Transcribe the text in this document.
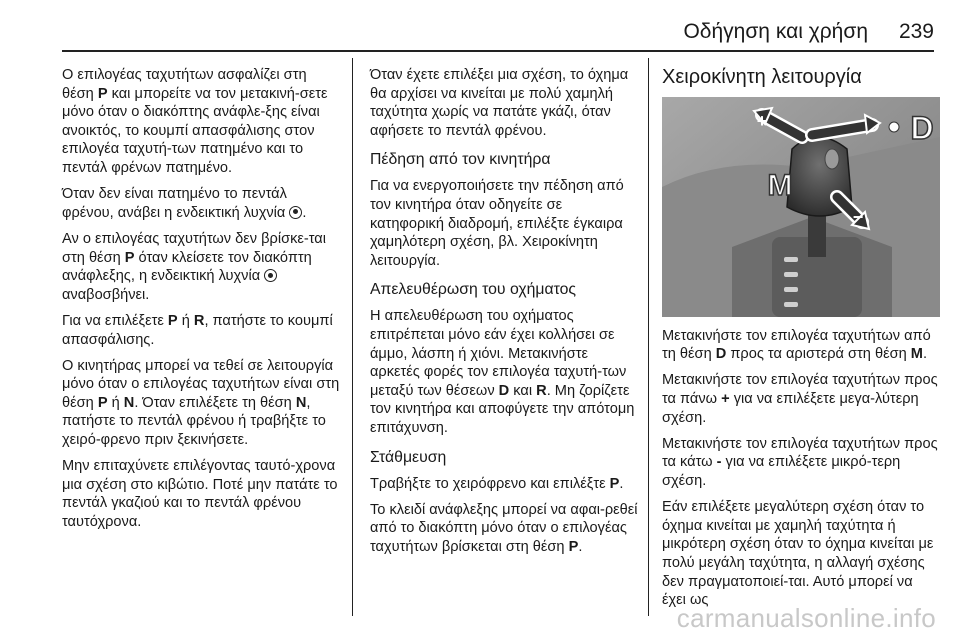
Οδήγηση και χρήση 239

Ο επιλογέας ταχυτήτων ασφαλίζει στη θέση P και μπορείτε να τον μετακινή-σετε μόνο όταν ο διακόπτης ανάφλε-ξης είναι ανοικτός, το κουμπί απασφάλισης στον επιλογέα ταχυτή-των πατημένο και το πεντάλ φρένων πατημένο.

Όταν δεν είναι πατημένο το πεντάλ φρένου, ανάβει η ενδεικτική λυχνία .

Αν ο επιλογέας ταχυτήτων δεν βρίσκε-ται στη θέση P όταν κλείσετε τον διακόπτη ανάφλεξης, η ενδεικτική λυχνία  αναβοσβήνει.

Για να επιλέξετε P ή R, πατήστε το κουμπί απασφάλισης.

Ο κινητήρας μπορεί να τεθεί σε λειτουργία μόνο όταν ο επιλογέας ταχυτήτων είναι στη θέση P ή N. Όταν επιλέξετε τη θέση N, πατήστε το πεντάλ φρένου ή τραβήξτε το χειρό-φρενο πριν ξεκινήσετε.

Μην επιταχύνετε επιλέγοντας ταυτό-χρονα μια σχέση στο κιβώτιο. Ποτέ μην πατάτε το πεντάλ γκαζιού και το πεντάλ φρένου ταυτόχρονα.

Όταν έχετε επιλέξει μια σχέση, το όχημα θα αρχίσει να κινείται με πολύ χαμηλή ταχύτητα χωρίς να πατάτε γκάζι, όταν αφήσετε το πεντάλ φρένου.

Πέδηση από τον κινητήρα

Για να ενεργοποιήσετε την πέδηση από τον κινητήρα όταν οδηγείτε σε κατηφορική διαδρομή, επιλέξτε έγκαιρα χαμηλότερη σχέση, βλ. Χειροκίνητη λειτουργία.

Απελευθέρωση του οχήματος

Η απελευθέρωση του οχήματος επιτρέπεται μόνο εάν έχει κολλήσει σε άμμο, λάσπη ή χιόνι. Μετακινήστε αρκετές φορές τον επιλογέα ταχυτή-των μεταξύ των θέσεων D και R. Μη ζορίζετε τον κινητήρα και αποφύγετε την απότομη επιτάχυνση.

Στάθμευση

Τραβήξτε το χειρόφρενο και επιλέξτε P.

Το κλειδί ανάφλεξης μπορεί να αφαι-ρεθεί από το διακόπτη μόνο όταν ο επιλογέας ταχυτήτων βρίσκεται στη θέση P.

Χειροκίνητη λειτουργία
D
M
+
−

Μετακινήστε τον επιλογέα ταχυτήτων από τη θέση D προς τα αριστερά στη θέση M.

Μετακινήστε τον επιλογέα ταχυτήτων προς τα πάνω + για να επιλέξετε μεγα-λύτερη σχέση.

Μετακινήστε τον επιλογέα ταχυτήτων προς τα κάτω - για να επιλέξετε μικρό-τερη σχέση.

Εάν επιλέξετε μεγαλύτερη σχέση όταν το όχημα κινείται με χαμηλή ταχύτητα ή μικρότερη σχέση όταν το όχημα κινείται με πολύ μεγάλη ταχύτητα, η αλλαγή σχέσης δεν πραγματοποιεί-ται. Αυτό μπορεί να έχει ως

carmanualsonline.info
